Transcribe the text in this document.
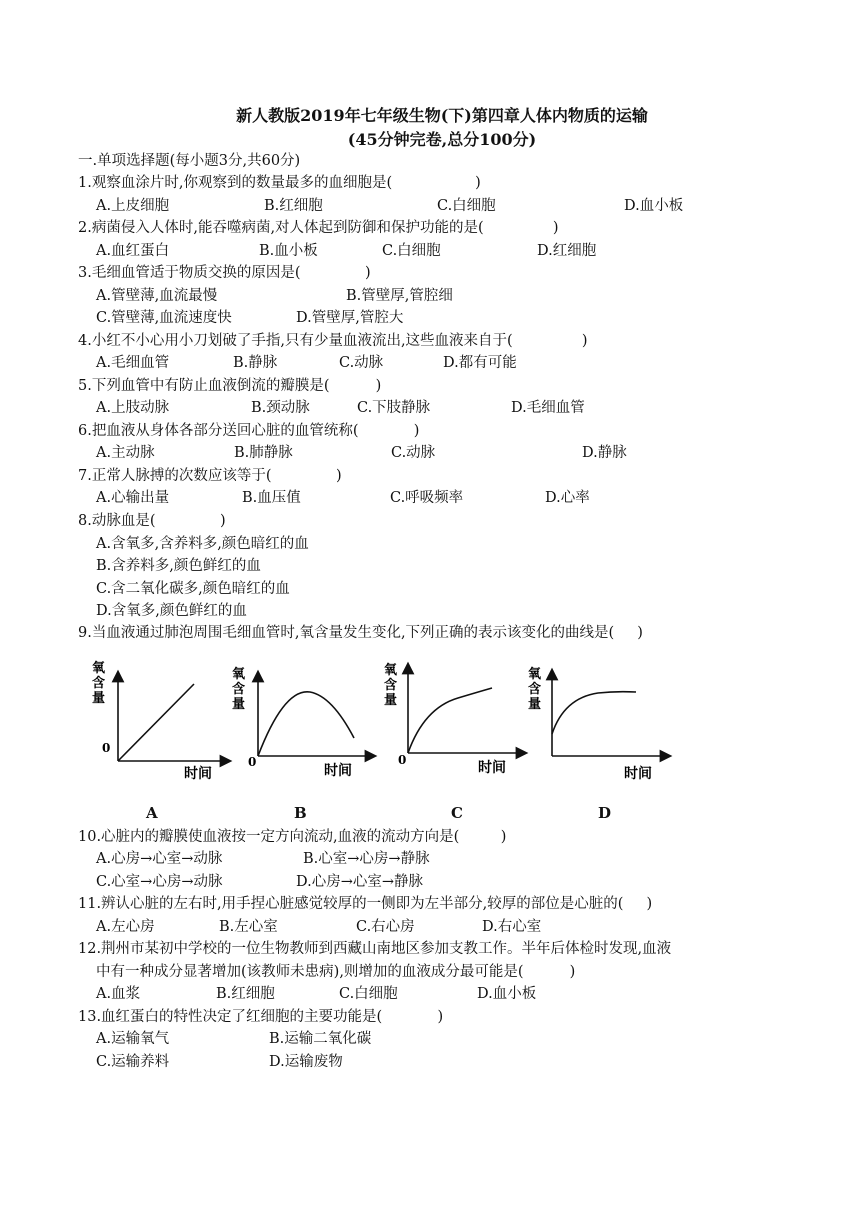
新人教版2019年七年级生物(下)第四章人体内物质的运输
(45分钟完卷,总分100分)
一.单项选择题(每小题3分,共60分)
1.观察血涂片时,你观察到的数量最多的血细胞是(                  )
A.上皮细胞	B.红细胞	C.白细胞	D.血小板
2.病菌侵入人体时,能吞噬病菌,对人体起到防御和保护功能的是(               )
A.血红蛋白	B.血小板	C.白细胞	D.红细胞
3.毛细血管适于物质交换的原因是(              )
A.管壁薄,血流最慢	B.管壁厚,管腔细
C.管壁薄,血流速度快	D.管壁厚,管腔大
4.小红不小心用小刀划破了手指,只有少量血液流出,这些血液来自于(               )
A.毛细血管	B.静脉	C.动脉	D.都有可能
5.下列血管中有防止血液倒流的瓣膜是(          )
A.上肢动脉	B.颈动脉	C.下肢静脉	D.毛细血管
6.把血液从身体各部分送回心脏的血管统称(            )
A.主动脉	B.肺静脉	C.动脉	D.静脉
7.正常人脉搏的次数应该等于(              )
A.心输出量	B.血压值	C.呼吸频率	D.心率
8.动脉血是(              )
A.含氧多,含养料多,颜色暗红的血
B.含养料多,颜色鲜红的血
C.含二氧化碳多,颜色暗红的血
D.含氧多,颜色鲜红的血
9.当血液通过肺泡周围毛细血管时,氧含量发生变化,下列正确的表示该变化的曲线是(     )
氧含量
0
时间
氧含量
0
时间
氧含量
0	时间
氧含量
时间
A	B	C	D
10.心脏内的瓣膜使血液按一定方向流动,血液的流动方向是(         )
A.心房→心室→动脉	B.心室→心房→静脉
C.心室→心房→动脉	D.心房→心室→静脉
11.辨认心脏的左右时,用手捏心脏感觉较厚的一侧即为左半部分,较厚的部位是心脏的(     )
A.左心房	B.左心室	C.右心房	D.右心室
12.荆州市某初中学校的一位生物教师到西藏山南地区参加支教工作。半年后体检时发现,血液
中有一种成分显著增加(该教师未患病),则增加的血液成分最可能是(          )
A.血浆	B.红细胞	C.白细胞	D.血小板
13.血红蛋白的特性决定了红细胞的主要功能是(            )
A.运输氧气	B.运输二氧化碳
C.运输养料	D.运输废物
